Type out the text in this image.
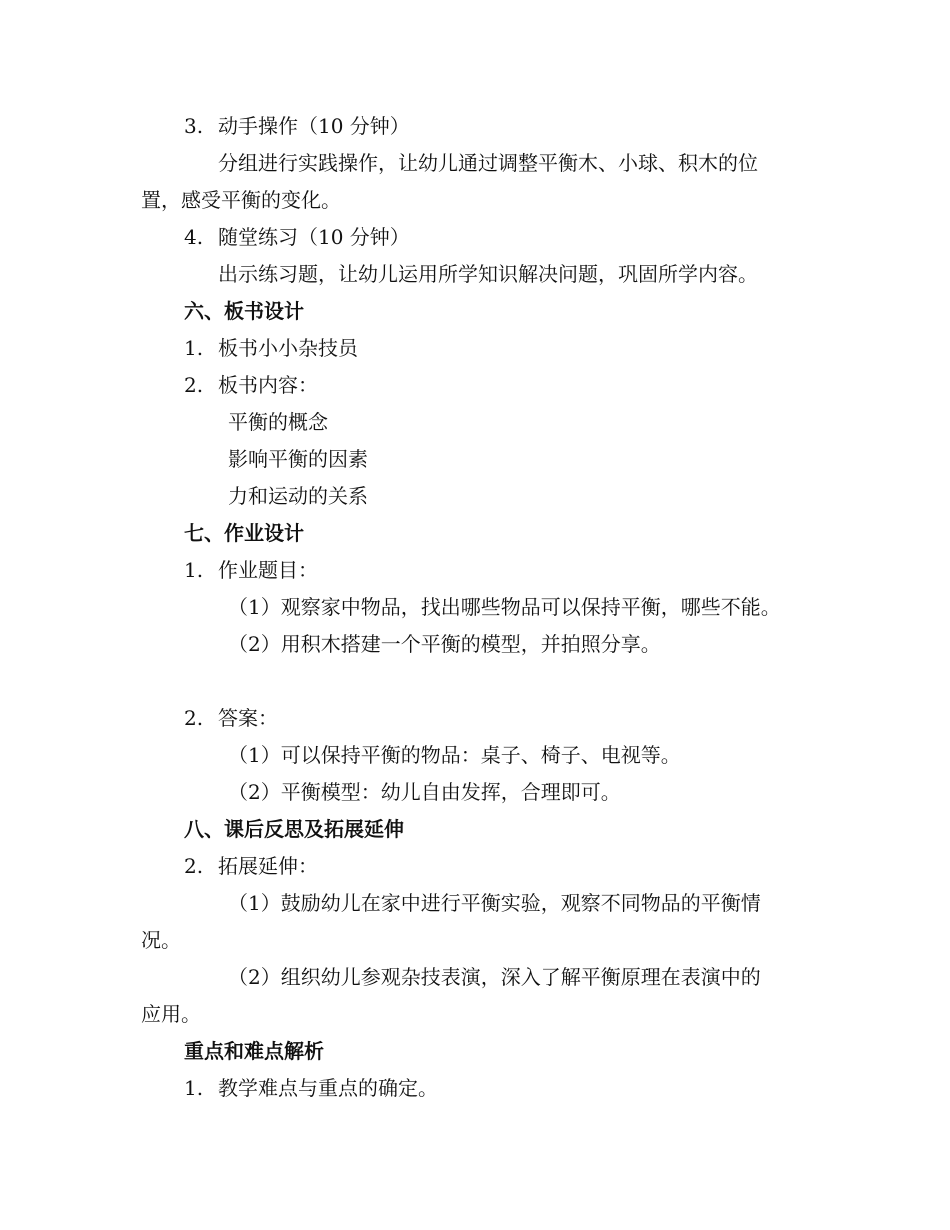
3. 动手操作（10 分钟）
分组进行实践操作，让幼儿通过调整平衡木、小球、积木的位
置，感受平衡的变化。
4. 随堂练习（10 分钟）
出示练习题，让幼儿运用所学知识解决问题，巩固所学内容。
六、板书设计
1. 板书小小杂技员
2. 板书内容：
平衡的概念
影响平衡的因素
力和运动的关系
七、作业设计
1. 作业题目：
（1）观察家中物品，找出哪些物品可以保持平衡，哪些不能。
（2）用积木搭建一个平衡的模型，并拍照分享。
2. 答案：
（1）可以保持平衡的物品：桌子、椅子、电视等。
（2）平衡模型：幼儿自由发挥，合理即可。
八、课后反思及拓展延伸
2. 拓展延伸：
（1）鼓励幼儿在家中进行平衡实验，观察不同物品的平衡情
况。
（2）组织幼儿参观杂技表演，深入了解平衡原理在表演中的
应用。
重点和难点解析
1. 教学难点与重点的确定。
